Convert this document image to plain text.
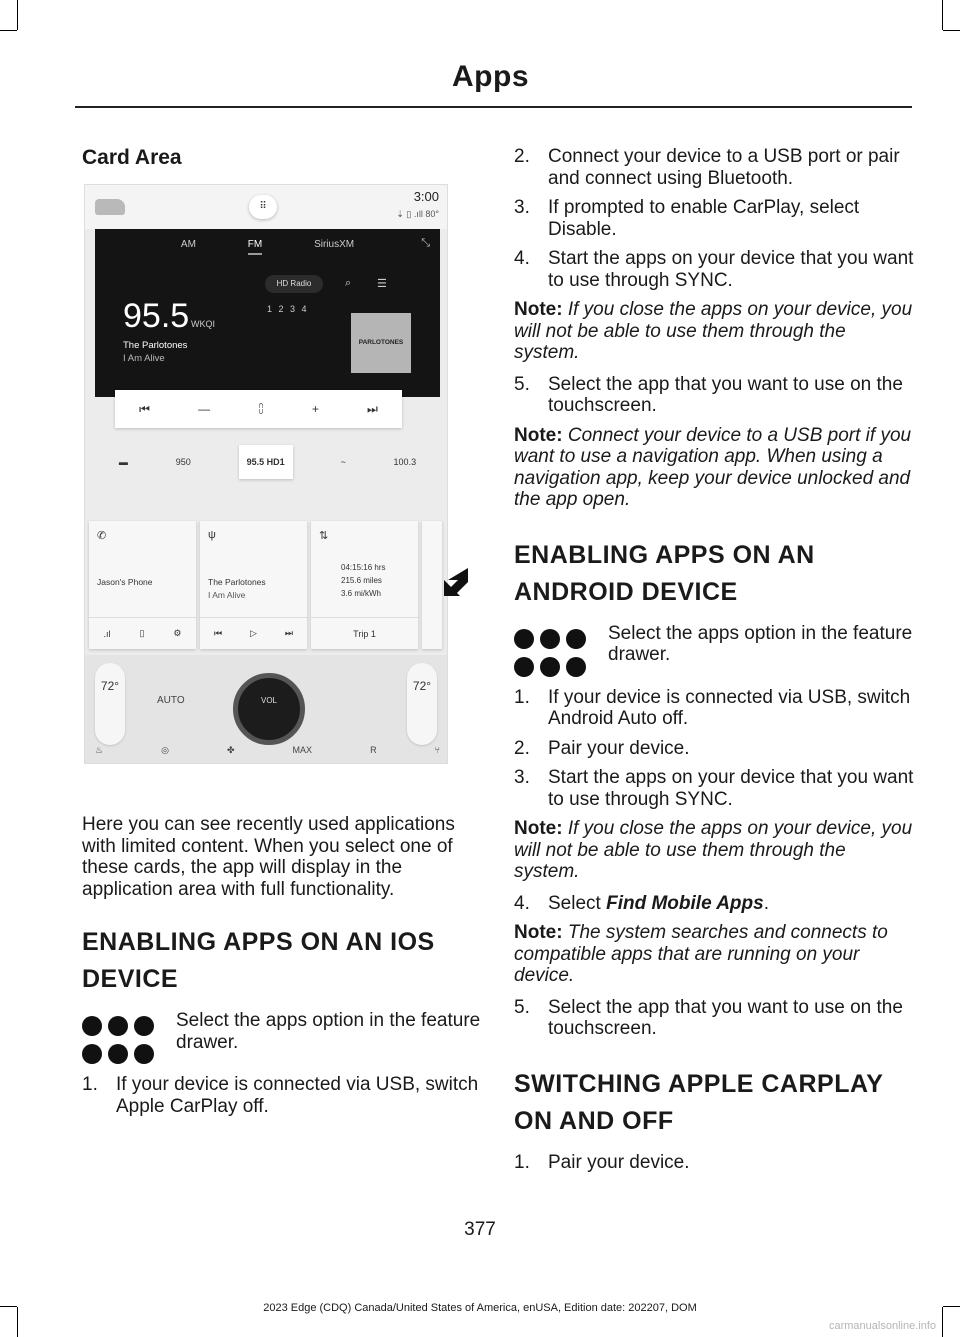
Apps
Card Area
⠿
3:00
⇣ ▯ .ıll 80°
AM	FM	SiriusXM	⤡
HD Radio	⌕ ☰
95.5 WKQI
1 2 3 4
The Parlotones
I Am Alive
PARLOTONES
⏮	—	⩇	+	⏭
▬	950	95.5 HD1	~	100.3
✆
Jason's Phone
.ıl	▯	⚙
ψ
The Parlotones
I Am Alive
⏮	▷	⏭
⇅
04:15:16 hrs
215.6 miles
3.6 mi/kWh
Trip 1
72°
AUTO	VOL
72°
♨	◎	✤	MAX	R	⑂
Here you can see recently used applications with limited content. When you select one of these cards, the app will display in the application area with full functionality.
ENABLING APPS ON AN IOS
DEVICE
Select the apps option in the feature drawer.
1. If your device is connected via USB, switch Apple CarPlay off.
2. Connect your device to a USB port or pair and connect using Bluetooth.
3. If prompted to enable CarPlay, select Disable.
4. Start the apps on your device that you want to use through SYNC.
Note: If you close the apps on your device, you will not be able to use them through the system.
5. Select the app that you want to use on the touchscreen.
Note: Connect your device to a USB port if you want to use a navigation app. When using a navigation app, keep your device unlocked and the app open.
ENABLING APPS ON AN
ANDROID DEVICE
Select the apps option in the feature drawer.
1. If your device is connected via USB, switch Android Auto off.
2. Pair your device.
3. Start the apps on your device that you want to use through SYNC.
Note: If you close the apps on your device, you will not be able to use them through the system.
4. Select Find Mobile Apps.
Note: The system searches and connects to compatible apps that are running on your device.
5. Select the app that you want to use on the touchscreen.
SWITCHING APPLE CARPLAY
ON AND OFF
1. Pair your device.
377
2023 Edge (CDQ) Canada/United States of America, enUSA, Edition date: 202207, DOM
carmanualsonline.info
